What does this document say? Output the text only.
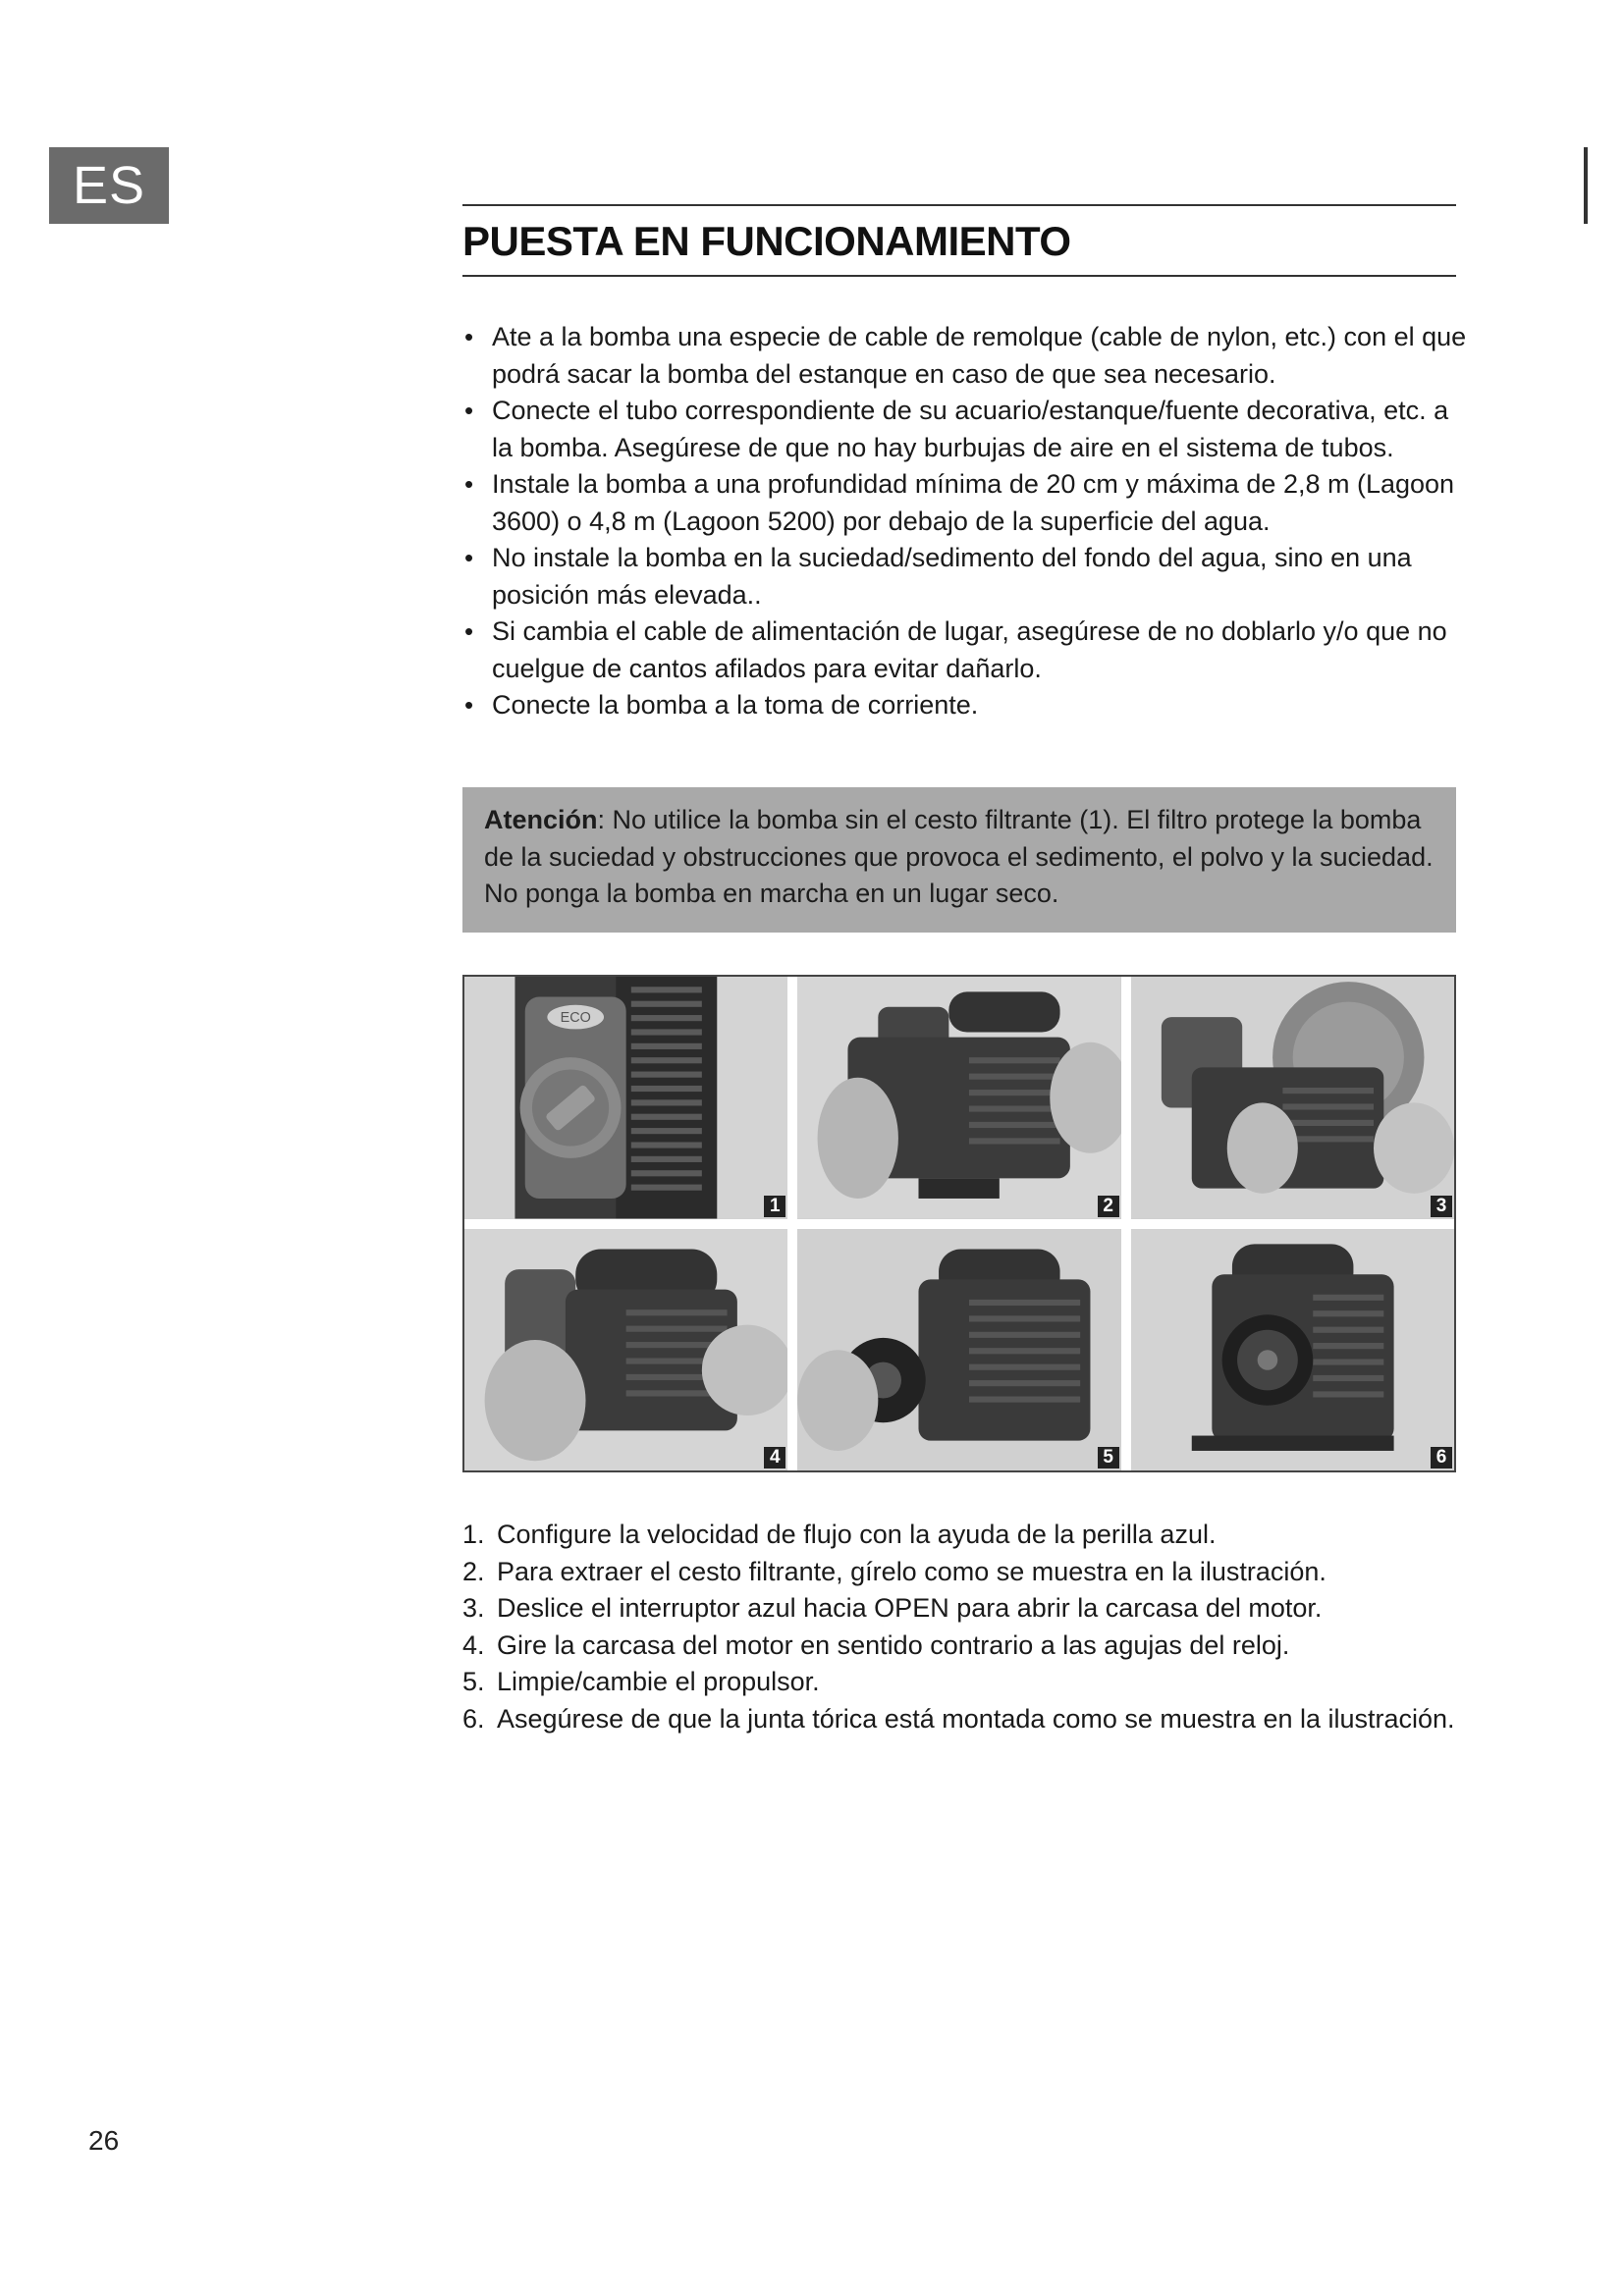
ES
PUESTA EN FUNCIONAMIENTO
• Ate a la bomba una especie de cable de remolque (cable de nylon, etc.) con el que podrá sacar la bomba del estanque en caso de que sea necesario.
• Conecte el tubo correspondiente de su acuario/estanque/fuente decorativa, etc. a la bomba. Asegúrese de que no hay burbujas de aire en el sistema de tubos.
• Instale la bomba a una profundidad mínima de 20 cm y máxima de 2,8 m (Lagoon 3600) o 4,8 m (Lagoon 5200) por debajo de la superficie del agua.
• No instale la bomba en la suciedad/sedimento del fondo del agua, sino en una posición más elevada..
• Si cambia el cable de alimentación de lugar, asegúrese de no doblarlo y/o que no cuelgue de cantos afilados para evitar dañarlo.
• Conecte la bomba a la toma de corriente.
Atención: No utilice la bomba sin el cesto filtrante (1). El filtro protege la bomba de la suciedad y obstrucciones que provoca el sedimento, el polvo y la suciedad. No ponga la bomba en marcha en un lugar seco.
ECO
1	2	3
4	5	6
1. Configure la velocidad de flujo con la ayuda de la perilla azul.
2. Para extraer el cesto filtrante, gírelo como se muestra en la ilustración.
3. Deslice el interruptor azul hacia OPEN para abrir la carcasa del motor.
4. Gire la carcasa del motor en sentido contrario a las agujas del reloj.
5. Limpie/cambie el propulsor.
6. Asegúrese de que la junta tórica está montada como se muestra en la ilustración.
26
